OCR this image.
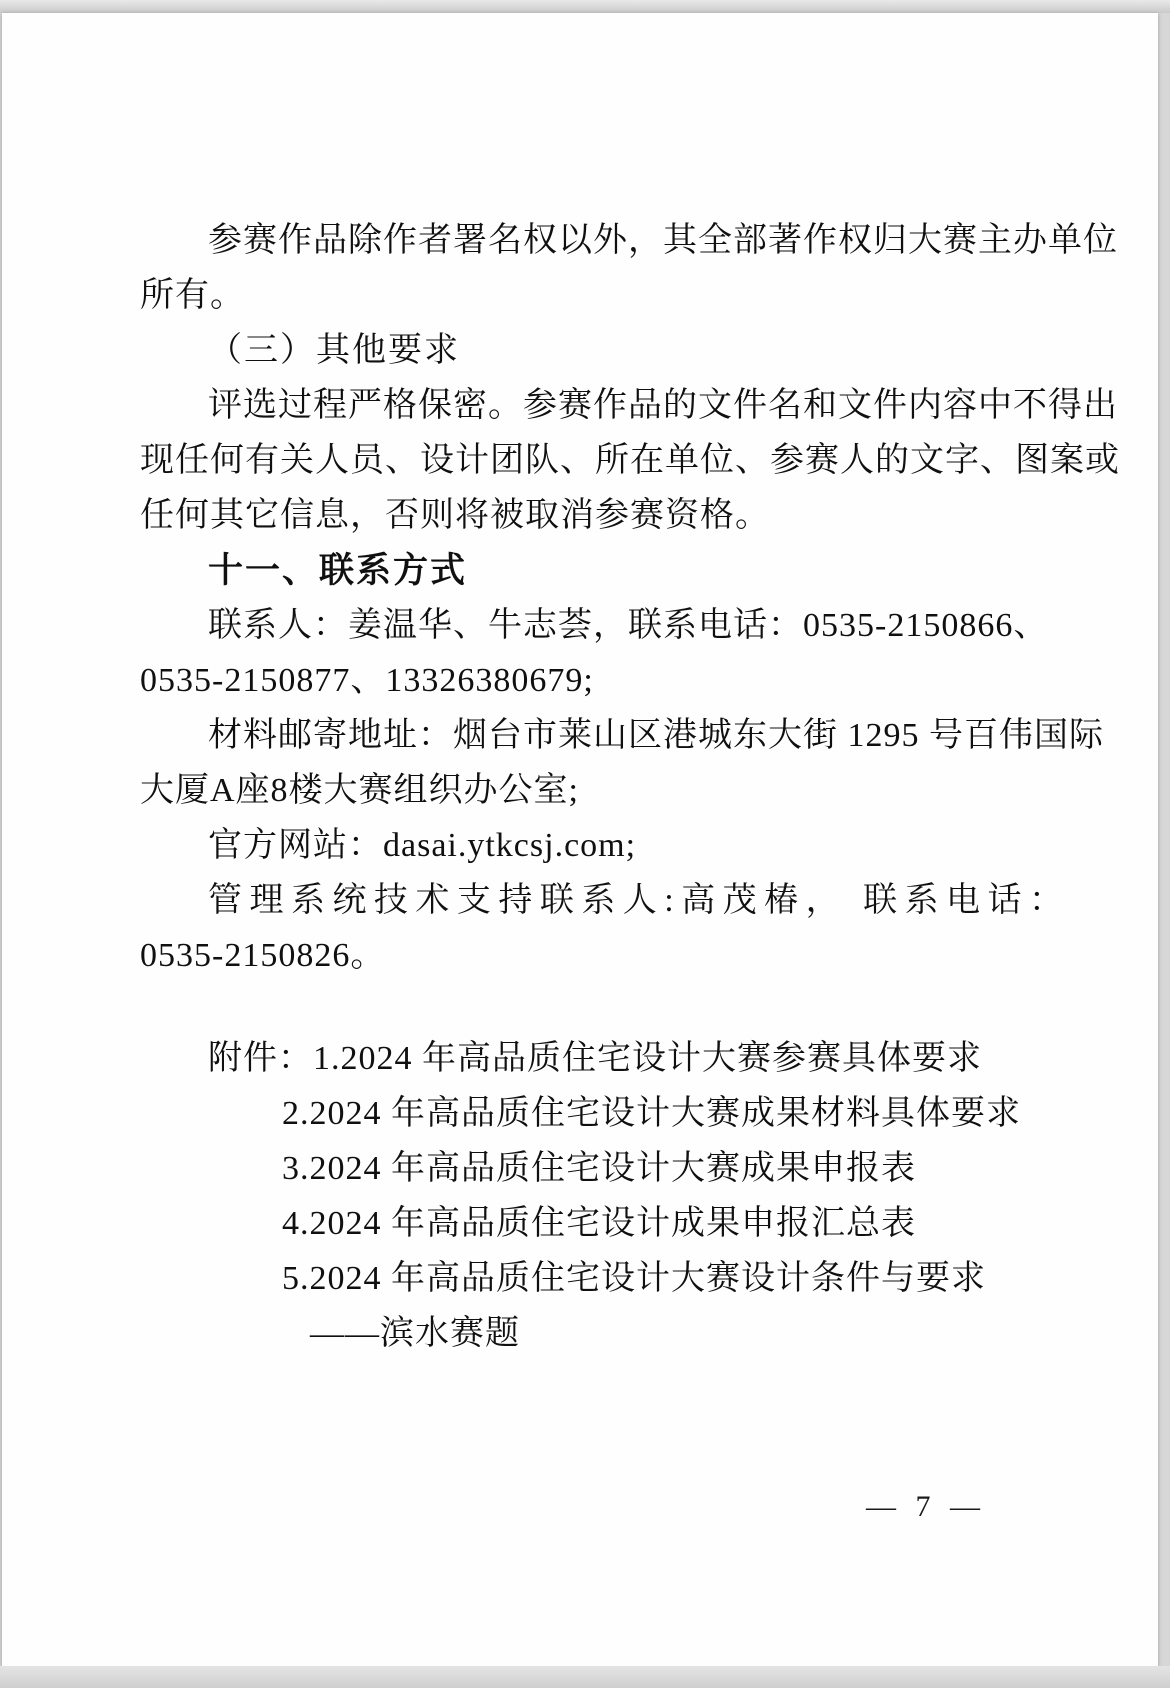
参赛作品除作者署名权以外，其全部著作权归大赛主办单位
所有。
（三）其他要求
评选过程严格保密。参赛作品的文件名和文件内容中不得出
现任何有关人员、设计团队、所在单位、参赛人的文字、图案或
任何其它信息，否则将被取消参赛资格。
十一、联系方式
联系人：姜温华、牛志荟，联系电话：0535-2150866、
0535-2150877、13326380679;
材料邮寄地址：烟台市莱山区港城东大街 1295 号百伟国际
大厦A座8楼大赛组织办公室;
官方网站：dasai.ytkcsj.com;
管理系统技术支持联系人:高茂椿， 联系电话：
0535-2150826。
附件：1.2024 年高品质住宅设计大赛参赛具体要求
2.2024 年高品质住宅设计大赛成果材料具体要求
3.2024 年高品质住宅设计大赛成果申报表
4.2024 年高品质住宅设计成果申报汇总表
5.2024 年高品质住宅设计大赛设计条件与要求
——滨水赛题
— 7 —
